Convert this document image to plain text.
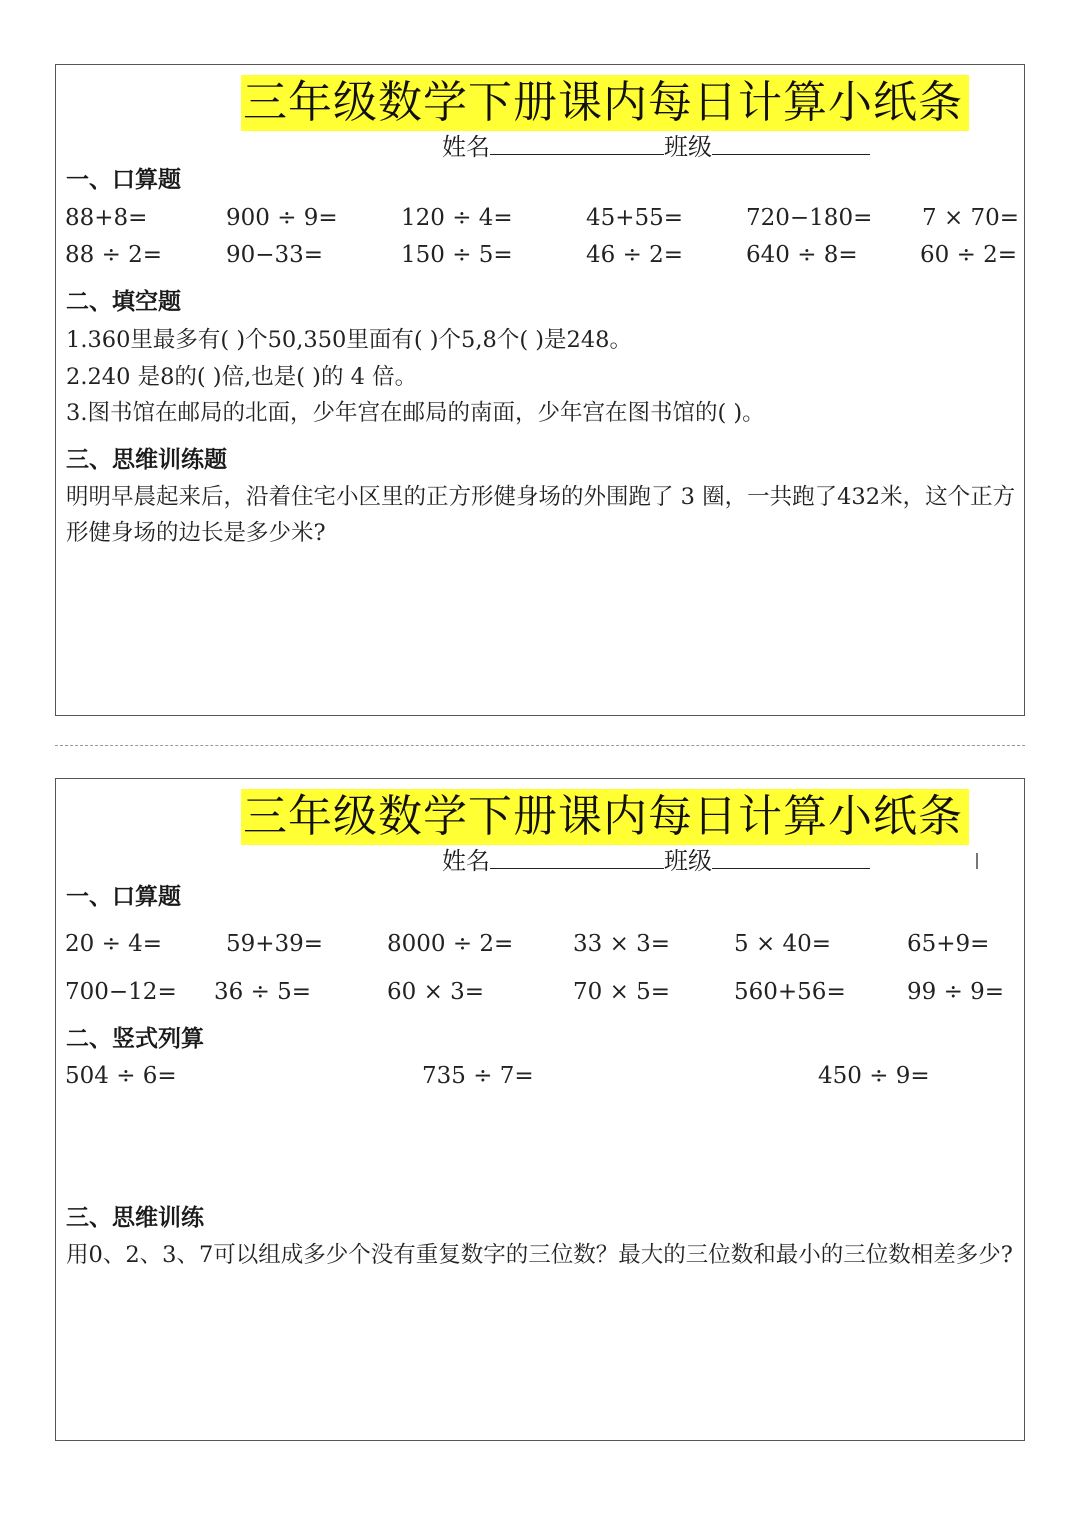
三年级数学下册课内每日计算小纸条
姓名	班级
一、口算题
88+8=	900 ÷ 9=	120 ÷ 4=	45+55=	720−180= 7 × 70=
88 ÷ 2=	90−33=	150 ÷ 5=	46 ÷ 2=	640 ÷ 8=	60 ÷ 2=
二、填空题
1.360里最多有( )个50,350里面有( )个5,8个( )是248。
2.240 是8的( )倍,也是( )的 4 倍。
3.图书馆在邮局的北面，少年宫在邮局的南面，少年宫在图书馆的( )。
三、思维训练题
明明早晨起来后，沿着住宅小区里的正方形健身场的外围跑了 3 圈，一共跑了432米，这个正方形健身场的边长是多少米?
三年级数学下册课内每日计算小纸条
姓名	班级
一、口算题
20 ÷ 4=	59+39=	8000 ÷ 2=	33 × 3=	5 × 40=	65+9=
700−12= 36 ÷ 5=	60 × 3=	70 × 5=	560+56=	99 ÷ 9=
二、竖式列算
504 ÷ 6=	735 ÷ 7=	450 ÷ 9=
三、思维训练
用0、2、3、7可以组成多少个没有重复数字的三位数？最大的三位数和最小的三位数相差多少?
